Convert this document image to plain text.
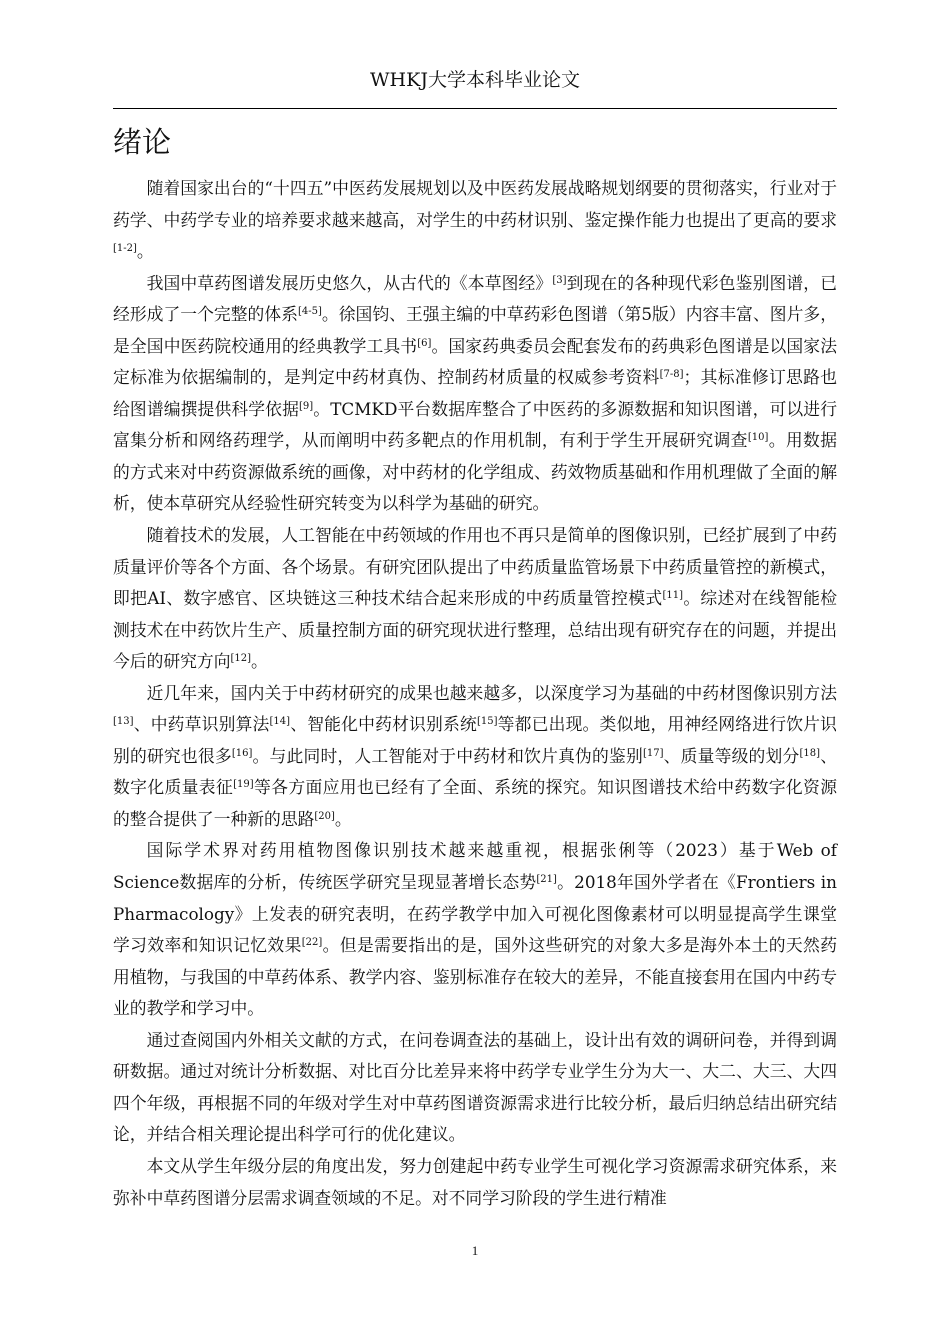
WHKJ大学本科毕业论文
绪论

随着国家出台的“十四五”中医药发展规划以及中医药发展战略规划纲要的贯彻落实，行业对于药学、中药学专业的培养要求越来越高，对学生的中药材识别、鉴定操作能力也提出了更高的要求[1-2]。

我国中草药图谱发展历史悠久，从古代的《本草图经》[3]到现在的各种现代彩色鉴别图谱，已经形成了一个完整的体系[4-5]。徐国钧、王强主编的中草药彩色图谱（第5版）内容丰富、图片多，是全国中医药院校通用的经典教学工具书[6]。国家药典委员会配套发布的药典彩色图谱是以国家法定标准为依据编制的，是判定中药材真伪、控制药材质量的权威参考资料[7-8]；其标准修订思路也给图谱编撰提供科学依据[9]。TCMKD平台数据库整合了中医药的多源数据和知识图谱，可以进行富集分析和网络药理学，从而阐明中药多靶点的作用机制，有利于学生开展研究调查[10]。用数据的方式来对中药资源做系统的画像，对中药材的化学组成、药效物质基础和作用机理做了全面的解析，使本草研究从经验性研究转变为以科学为基础的研究。

随着技术的发展，人工智能在中药领域的作用也不再只是简单的图像识别，已经扩展到了中药质量评价等各个方面、各个场景。有研究团队提出了中药质量监管场景下中药质量管控的新模式，即把AI、数字感官、区块链这三种技术结合起来形成的中药质量管控模式[11]。综述对在线智能检测技术在中药饮片生产、质量控制方面的研究现状进行整理，总结出现有研究存在的问题，并提出今后的研究方向[12]。

近几年来，国内关于中药材研究的成果也越来越多，以深度学习为基础的中药材图像识别方法[13]、中药草识别算法[14]、智能化中药材识别系统[15]等都已出现。类似地，用神经网络进行饮片识别的研究也很多[16]。与此同时，人工智能对于中药材和饮片真伪的鉴别[17]、质量等级的划分[18]、数字化质量表征[19]等各方面应用也已经有了全面、系统的探究。知识图谱技术给中药数字化资源的整合提供了一种新的思路[20]。

国际学术界对药用植物图像识别技术越来越重视，根据张俐等（2023）基于Web of Science数据库的分析，传统医学研究呈现显著增长态势[21]。2018年国外学者在《Frontiers in Pharmacology》上发表的研究表明，在药学教学中加入可视化图像素材可以明显提高学生课堂学习效率和知识记忆效果[22]。但是需要指出的是，国外这些研究的对象大多是海外本土的天然药用植物，与我国的中草药体系、教学内容、鉴别标准存在较大的差异，不能直接套用在国内中药专业的教学和学习中。

通过查阅国内外相关文献的方式，在问卷调查法的基础上，设计出有效的调研问卷，并得到调研数据。通过对统计分析数据、对比百分比差异来将中药学专业学生分为大一、大二、大三、大四四个年级，再根据不同的年级对学生对中草药图谱资源需求进行比较分析，最后归纳总结出研究结论，并结合相关理论提出科学可行的优化建议。

本文从学生年级分层的角度出发，努力创建起中药专业学生可视化学习资源需求研究体系，来弥补中草药图谱分层需求调查领域的不足。对不同学习阶段的学生进行精准

1
